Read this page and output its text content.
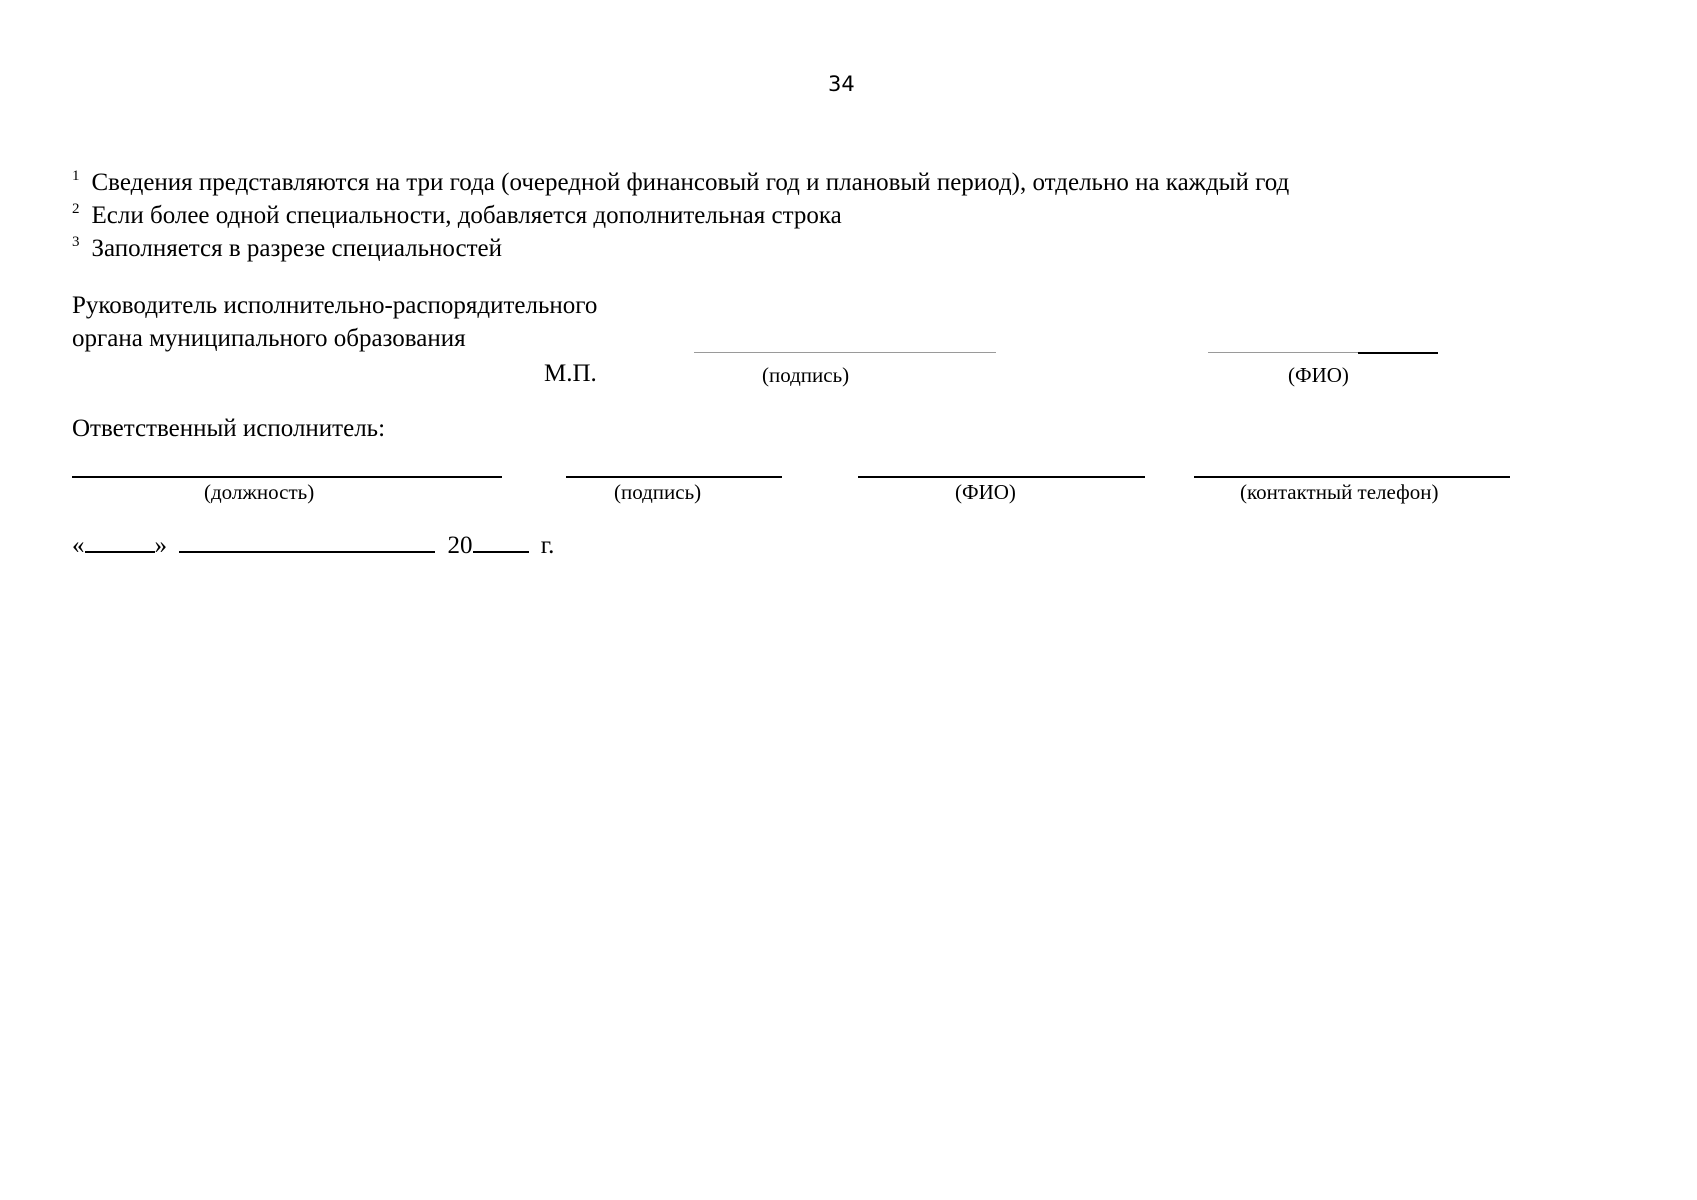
34
$^1$ Сведения представляются на три года (очередной финансовый год и плановый период), отдельно на каждый год
$^2$ Если более одной специальности, добавляется дополнительная строка
$^3$ Заполняется в разрезе специальностей
Руководитель исполнительно-распорядительного
органа муниципального образования
М.П.	(подпись)	(ФИО)
Ответственный исполнитель:
(должность)	(подпись)	(ФИО)	(контактный телефон)
«	»	20	г.
